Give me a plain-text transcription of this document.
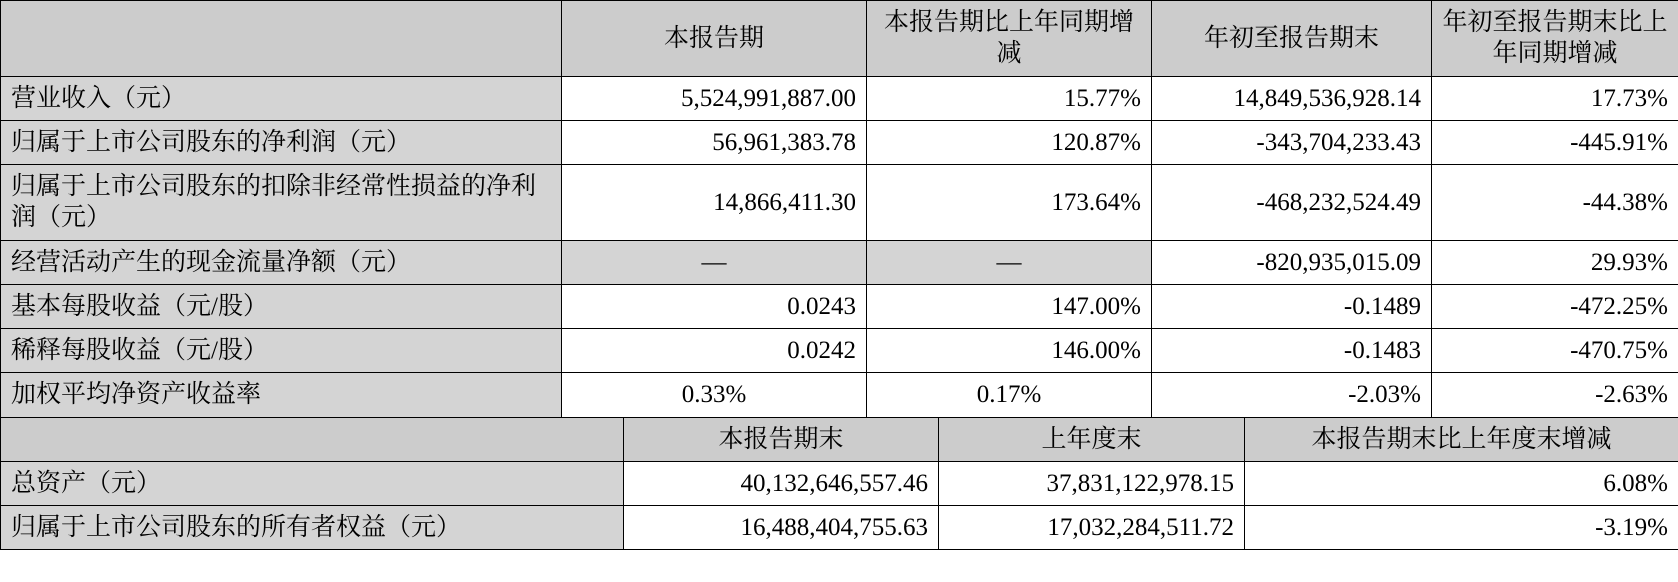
	本报告期	本报告期比上年同期增减	年初至报告期末	年初至报告期末比上年同期增减
营业收入（元）	5,524,991,887.00	15.77%	14,849,536,928.14	17.73%
归属于上市公司股东的净利润（元）	56,961,383.78	120.87%	-343,704,233.43	-445.91%
归属于上市公司股东的扣除非经常性损益的净利润（元）	14,866,411.30	173.64%	-468,232,524.49	-44.38%
经营活动产生的现金流量净额（元）	—	—	-820,935,015.09	29.93%
基本每股收益（元/股）	0.0243	147.00%	-0.1489	-472.25%
稀释每股收益（元/股）	0.0242	146.00%	-0.1483	-470.75%
加权平均净资产收益率	0.33%	0.17%	-2.03%	-2.63%
	本报告期末	上年度末	本报告期末比上年度末增减
总资产（元）	40,132,646,557.46	37,831,122,978.15	6.08%
归属于上市公司股东的所有者权益（元）	16,488,404,755.63	17,032,284,511.72	-3.19%
